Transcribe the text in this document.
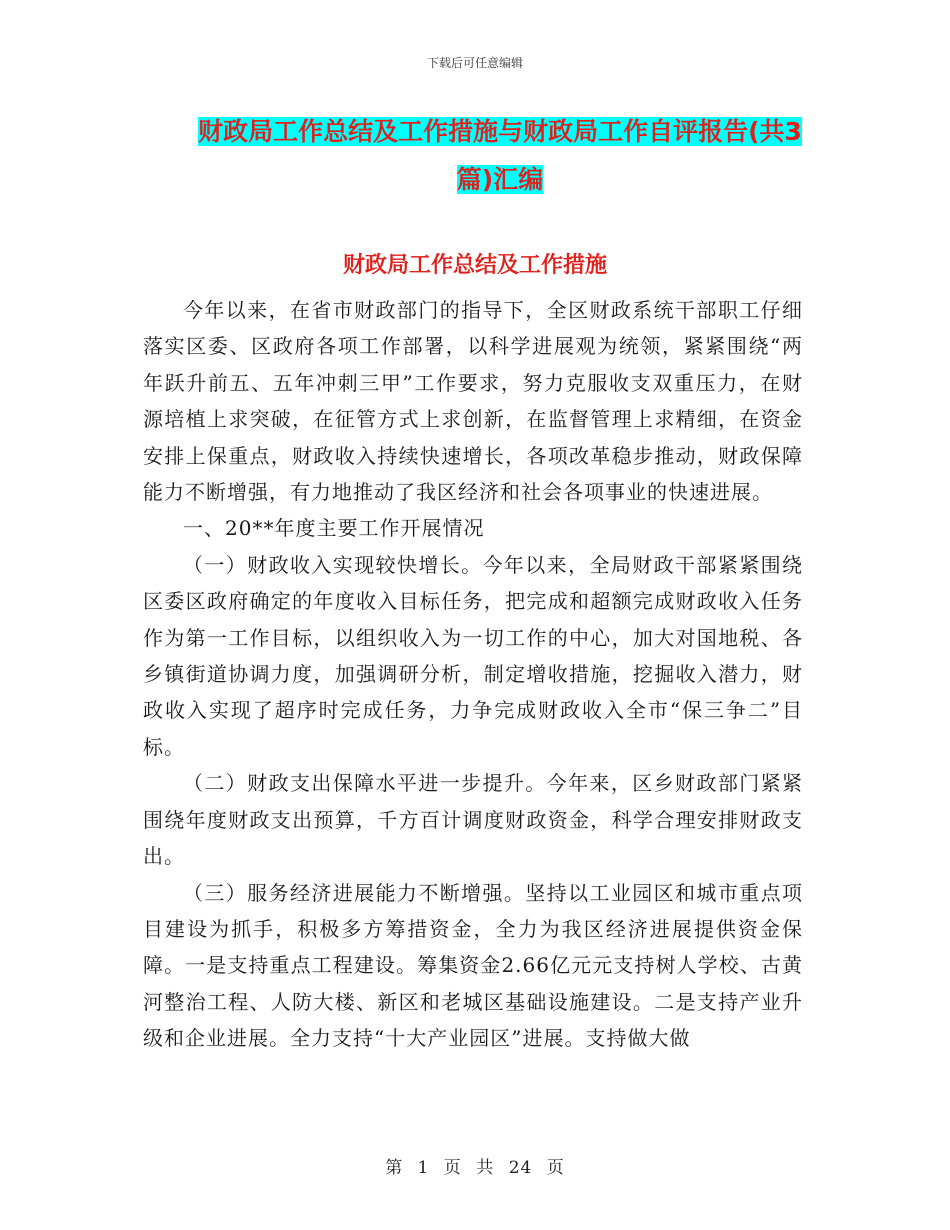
下载后可任意编辑
财政局工作总结及工作措施与财政局工作自评报告(共3篇)汇编
财政局工作总结及工作措施

今年以来，在省市财政部门的指导下，全区财政系统干部职工仔细落实区委、区政府各项工作部署，以科学进展观为统领，紧紧围绕“两年跃升前五、五年冲刺三甲”工作要求，努力克服收支双重压力，在财源培植上求突破，在征管方式上求创新，在监督管理上求精细，在资金安排上保重点，财政收入持续快速增长，各项改革稳步推动，财政保障能力不断增强，有力地推动了我区经济和社会各项事业的快速进展。

一、20**年度主要工作开展情况

（一）财政收入实现较快增长。今年以来，全局财政干部紧紧围绕区委区政府确定的年度收入目标任务，把完成和超额完成财政收入任务作为第一工作目标，以组织收入为一切工作的中心，加大对国地税、各乡镇街道协调力度，加强调研分析，制定增收措施，挖掘收入潜力，财政收入实现了超序时完成任务，力争完成财政收入全市“保三争二”目标。

（二）财政支出保障水平进一步提升。今年来，区乡财政部门紧紧围绕年度财政支出预算，千方百计调度财政资金，科学合理安排财政支出。

（三）服务经济进展能力不断增强。坚持以工业园区和城市重点项目建设为抓手，积极多方筹措资金，全力为我区经济进展提供资金保障。一是支持重点工程建设。筹集资金2.66亿元元支持树人学校、古黄河整治工程、人防大楼、新区和老城区基础设施建设。二是支持产业升级和企业进展。全力支持“十大产业园区”进展。支持做大做

第 1 页 共 24 页
